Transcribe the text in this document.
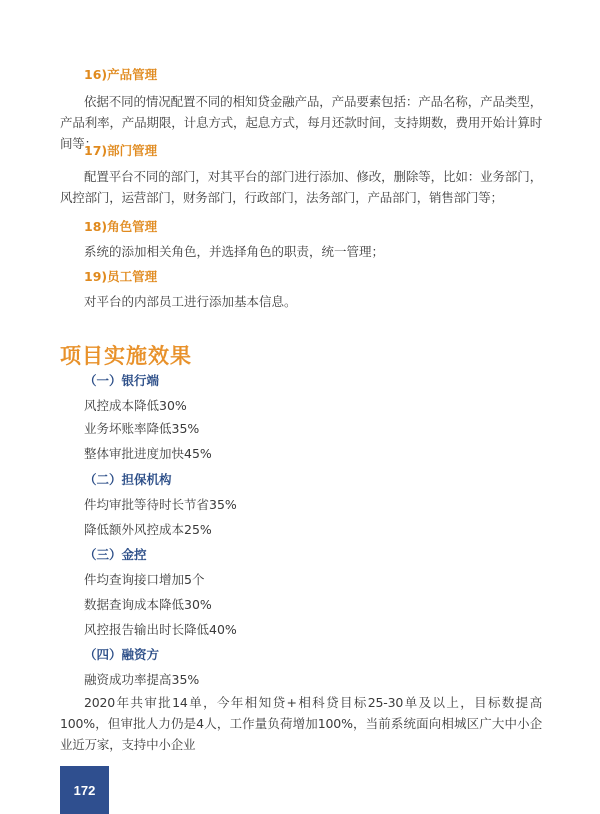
16)产品管理
依据不同的情况配置不同的相知贷金融产品，产品要素包括：产品名称，产品类型，产品利率，产品期限，计息方式，起息方式，每月还款时间，支持期数，费用开始计算时间等；
17)部门管理
配置平台不同的部门，对其平台的部门进行添加、修改，删除等，比如：业务部门，风控部门，运营部门，财务部门，行政部门，法务部门，产品部门，销售部门等；
18)角色管理
系统的添加相关角色，并选择角色的职责，统一管理；
19)员工管理
对平台的内部员工进行添加基本信息。
项目实施效果
（一）银行端
风控成本降低30%
业务坏账率降低35%
整体审批进度加快45%
（二）担保机构
件均审批等待时长节省35%
降低额外风控成本25%
（三）金控
件均查询接口增加5个
数据查询成本降低30%
风控报告输出时长降低40%
（四）融资方
融资成功率提高35%
2020年共审批14单，今年相知贷+相科贷目标25-30单及以上，目标数提高100%，但审批人力仍是4人，工作量负荷增加100%，当前系统面向相城区广大中小企业近万家，支持中小企业
172
